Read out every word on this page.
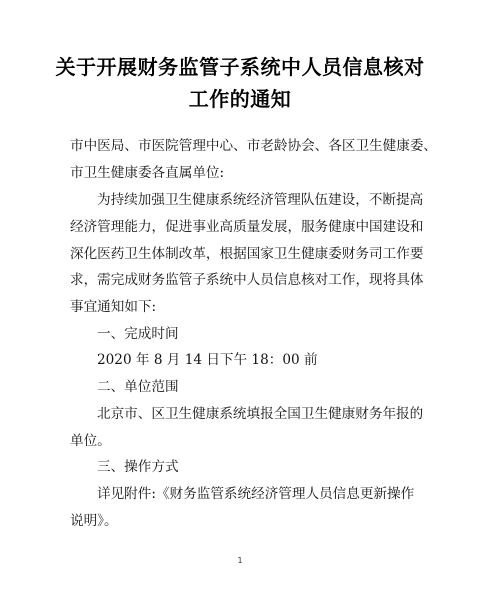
关于开展财务监管子系统中人员信息核对
工作的通知

市中医局、市医院管理中心、市老龄协会、各区卫生健康委、

市卫生健康委各直属单位:

为持续加强卫生健康系统经济管理队伍建设，不断提高

经济管理能力，促进事业高质量发展，服务健康中国建设和

深化医药卫生体制改革，根据国家卫生健康委财务司工作要

求，需完成财务监管子系统中人员信息核对工作，现将具体

事宜通知如下:

一、完成时间

2020 年 8 月 14 日下午 18：00 前

二、单位范围

北京市、区卫生健康系统填报全国卫生健康财务年报的

单位。

三、操作方式

详见附件:《财务监管系统经济管理人员信息更新操作

说明》。

1
